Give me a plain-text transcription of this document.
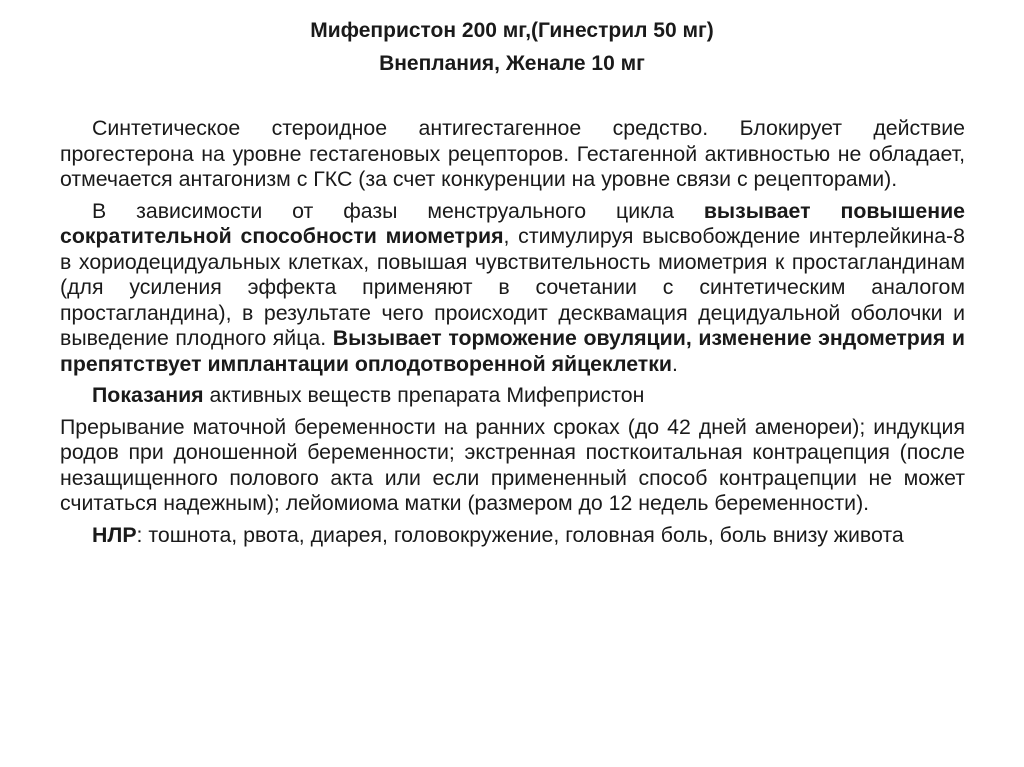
Мифепристон 200 мг,(Гинестрил 50 мг)
Внеплания, Женале 10 мг

Синтетическое стероидное антигестагенное средство. Блокирует действие прогестерона на уровне гестагеновых рецепторов. Гестагенной активностью не обладает, отмечается антагонизм с ГКС (за счет конкуренции на уровне связи с рецепторами).

В зависимости от фазы менструального цикла вызывает повышение сократительной способности миометрия, стимулируя высвобождение интерлейкина-8 в хориодецидуальных клетках, повышая чувствительность миометрия к простагландинам (для усиления эффекта применяют в сочетании с синтетическим аналогом простагландина), в результате чего происходит десквамация децидуальной оболочки и выведение плодного яйца. Вызывает торможение овуляции, изменение эндометрия и препятствует имплантации оплодотворенной яйцеклетки.

Показания активных веществ препарата Мифепристон

Прерывание маточной беременности на ранних сроках (до 42 дней аменореи); индукция родов при доношенной беременности; экстренная посткоитальная контрацепция (после незащищенного полового акта или если примененный способ контрацепции не может считаться надежным); лейомиома матки (размером до 12 недель беременности).

НЛР: тошнота, рвота, диарея, головокружение, головная боль, боль внизу живота
